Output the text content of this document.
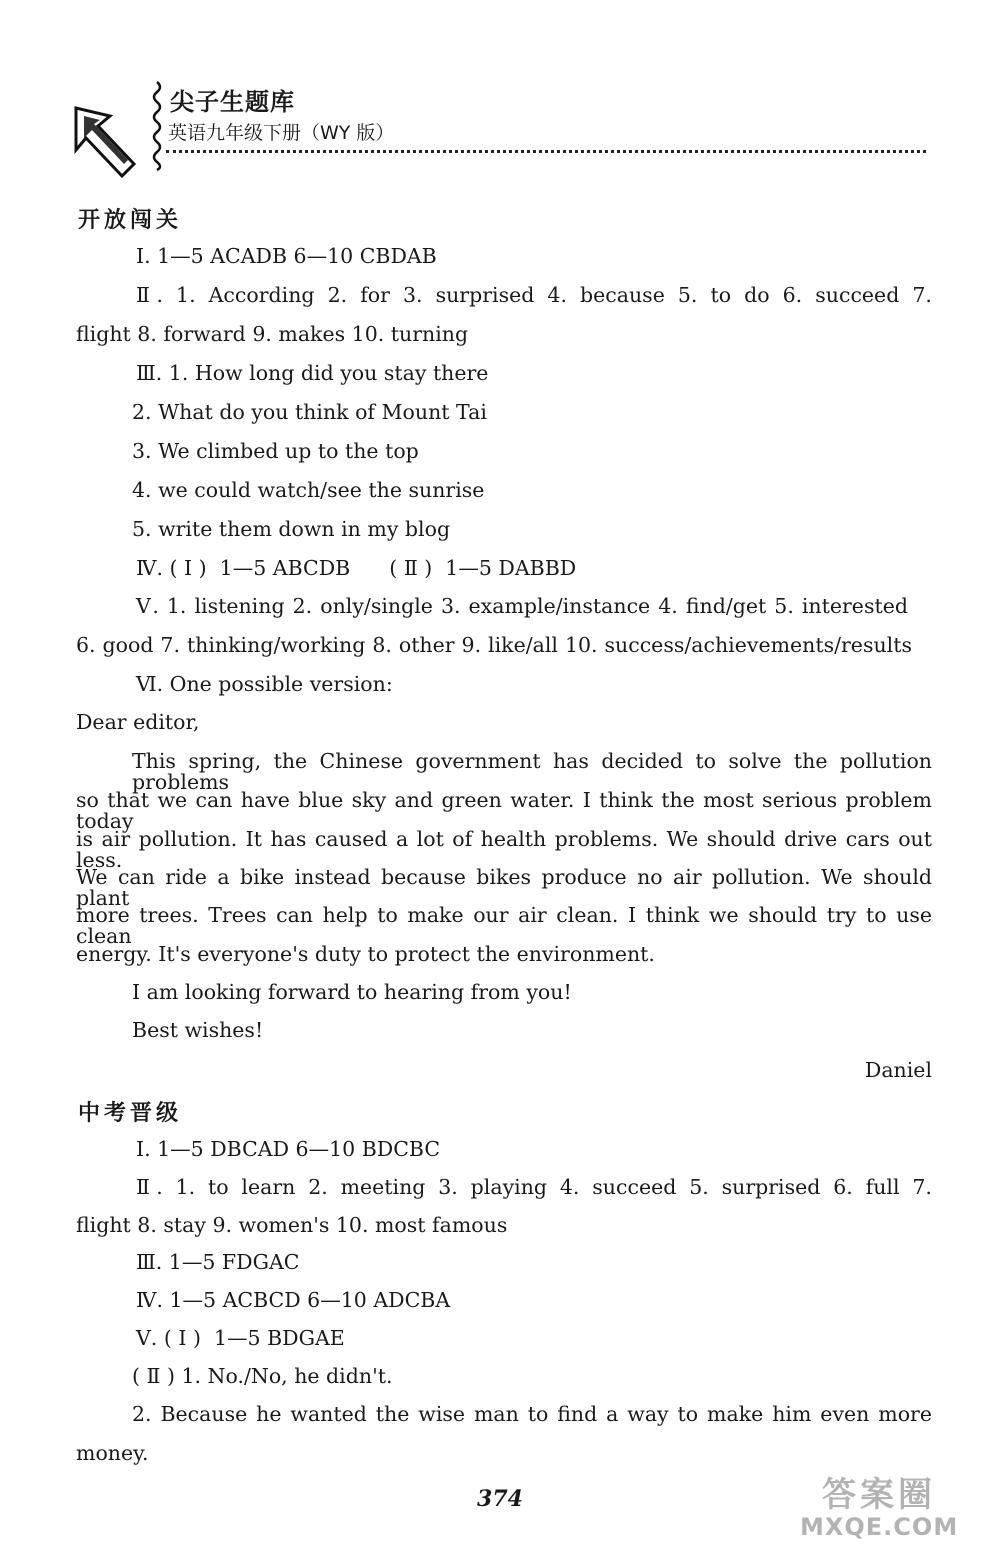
尖子生题库
英语九年级下册（WY 版）
开放闯关
Ⅰ. 1—5 ACADB 6—10 CBDAB
Ⅱ. 1. According 2. for 3. surprised 4. because 5. to do 6. succeed 7.
flight 8. forward 9. makes 10. turning
Ⅲ. 1. How long did you stay there
2. What do you think of Mount Tai
3. We climbed up to the top
4. we could watch/see the sunrise
5. write them down in my blog
Ⅳ. ( Ⅰ )  1—5 ABCDB      ( Ⅱ )  1—5 DABBD
Ⅴ. 1. listening 2. only/single 3. example/instance 4. find/get 5. interested
6. good 7. thinking/working 8. other 9. like/all 10. success/achievements/results
Ⅵ. One possible version:
Dear editor,
This spring, the Chinese government has decided to solve the pollution problems
so that we can have blue sky and green water. I think the most serious problem today
is air pollution. It has caused a lot of health problems. We should drive cars out less.
We can ride a bike instead because bikes produce no air pollution. We should plant
more trees. Trees can help to make our air clean. I think we should try to use clean
energy. It's everyone's duty to protect the environment.
I am looking forward to hearing from you!
Best wishes!
Daniel
中考晋级
Ⅰ. 1—5 DBCAD 6—10 BDCBC
Ⅱ. 1. to learn 2. meeting 3. playing 4. succeed 5. surprised 6. full 7.
flight 8. stay 9. women's 10. most famous
Ⅲ. 1—5 FDGAC
Ⅳ. 1—5 ACBCD 6—10 ADCBA
Ⅴ. ( Ⅰ )  1—5 BDGAE
( Ⅱ ) 1. No./No, he didn't.
2. Because he wanted the wise man to find a way to make him even more
money.
374	答案圈
MXQE.COM
